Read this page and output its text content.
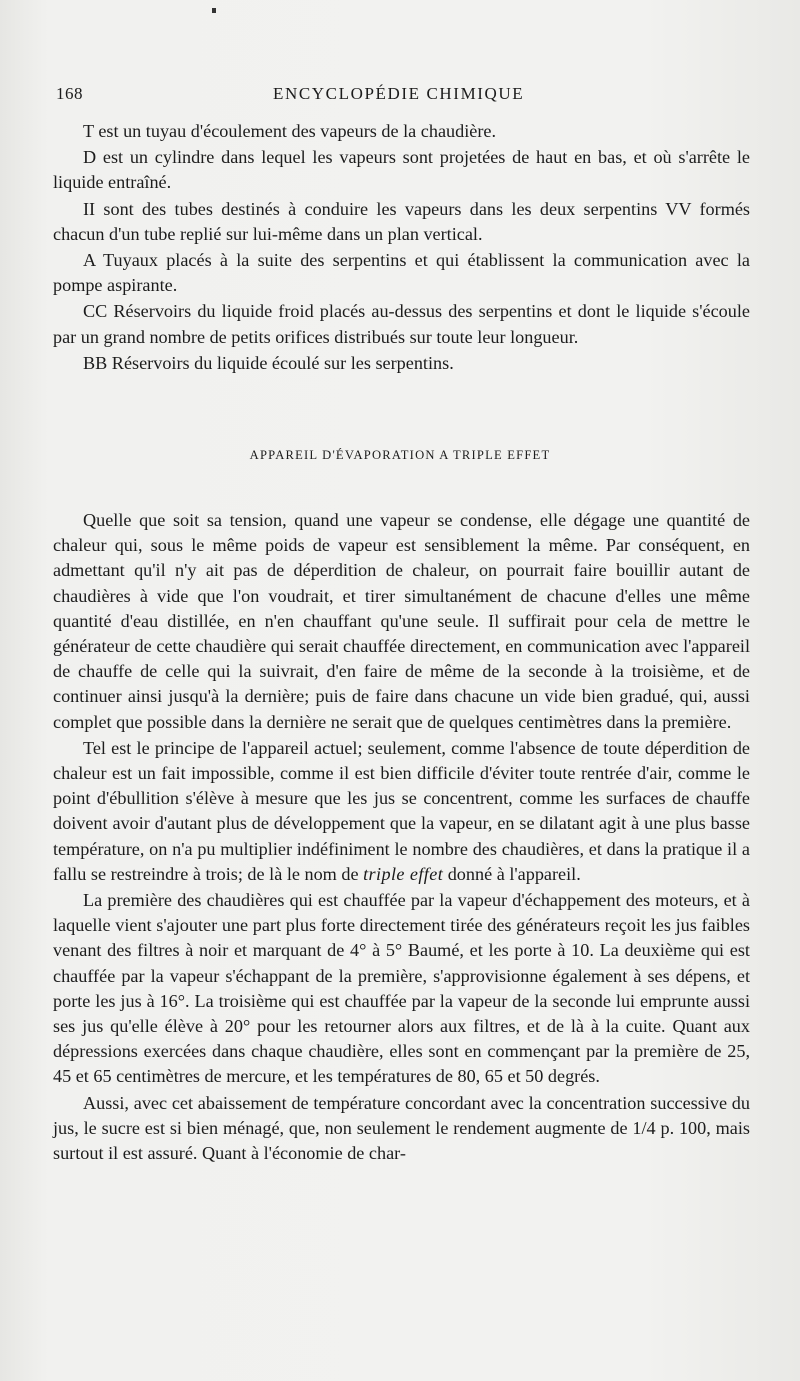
168	ENCYCLOPÉDIE CHIMIQUE

T est un tuyau d'écoulement des vapeurs de la chaudière.

D est un cylindre dans lequel les vapeurs sont projetées de haut en bas, et où s'arrête le liquide entraîné.

II sont des tubes destinés à conduire les vapeurs dans les deux serpentins VV formés chacun d'un tube replié sur lui-même dans un plan vertical.

A Tuyaux placés à la suite des serpentins et qui établissent la communication avec la pompe aspirante.

CC Réservoirs du liquide froid placés au-dessus des serpentins et dont le liquide s'écoule par un grand nombre de petits orifices distribués sur toute leur longueur.

BB Réservoirs du liquide écoulé sur les serpentins.

APPAREIL D'ÉVAPORATION A TRIPLE EFFET

Quelle que soit sa tension, quand une vapeur se condense, elle dégage une quantité de chaleur qui, sous le même poids de vapeur est sensiblement la même. Par conséquent, en admettant qu'il n'y ait pas de déperdition de chaleur, on pourrait faire bouillir autant de chaudières à vide que l'on voudrait, et tirer simultanément de chacune d'elles une même quantité d'eau distillée, en n'en chauffant qu'une seule. Il suffirait pour cela de mettre le générateur de cette chaudière qui serait chauffée directement, en communication avec l'appareil de chauffe de celle qui la suivrait, d'en faire de même de la seconde à la troisième, et de continuer ainsi jusqu'à la dernière; puis de faire dans chacune un vide bien gradué, qui, aussi complet que possible dans la dernière ne serait que de quelques centimètres dans la première.

Tel est le principe de l'appareil actuel; seulement, comme l'absence de toute déperdition de chaleur est un fait impossible, comme il est bien difficile d'éviter toute rentrée d'air, comme le point d'ébullition s'élève à mesure que les jus se concentrent, comme les surfaces de chauffe doivent avoir d'autant plus de développement que la vapeur, en se dilatant agit à une plus basse température, on n'a pu multiplier indéfiniment le nombre des chaudières, et dans la pratique il a fallu se restreindre à trois; de là le nom de triple effet donné à l'appareil.

La première des chaudières qui est chauffée par la vapeur d'échappement des moteurs, et à laquelle vient s'ajouter une part plus forte directement tirée des générateurs reçoit les jus faibles venant des filtres à noir et marquant de 4° à 5° Baumé, et les porte à 10. La deuxième qui est chauffée par la vapeur s'échappant de la première, s'approvisionne également à ses dépens, et porte les jus à 16°. La troisième qui est chauffée par la vapeur de la seconde lui emprunte aussi ses jus qu'elle élève à 20° pour les retourner alors aux filtres, et de là à la cuite. Quant aux dépressions exercées dans chaque chaudière, elles sont en commençant par la première de 25, 45 et 65 centimètres de mercure, et les températures de 80, 65 et 50 degrés.

Aussi, avec cet abaissement de température concordant avec la concentration successive du jus, le sucre est si bien ménagé, que, non seulement le rendement augmente de 1/4 p. 100, mais surtout il est assuré. Quant à l'économie de char-
